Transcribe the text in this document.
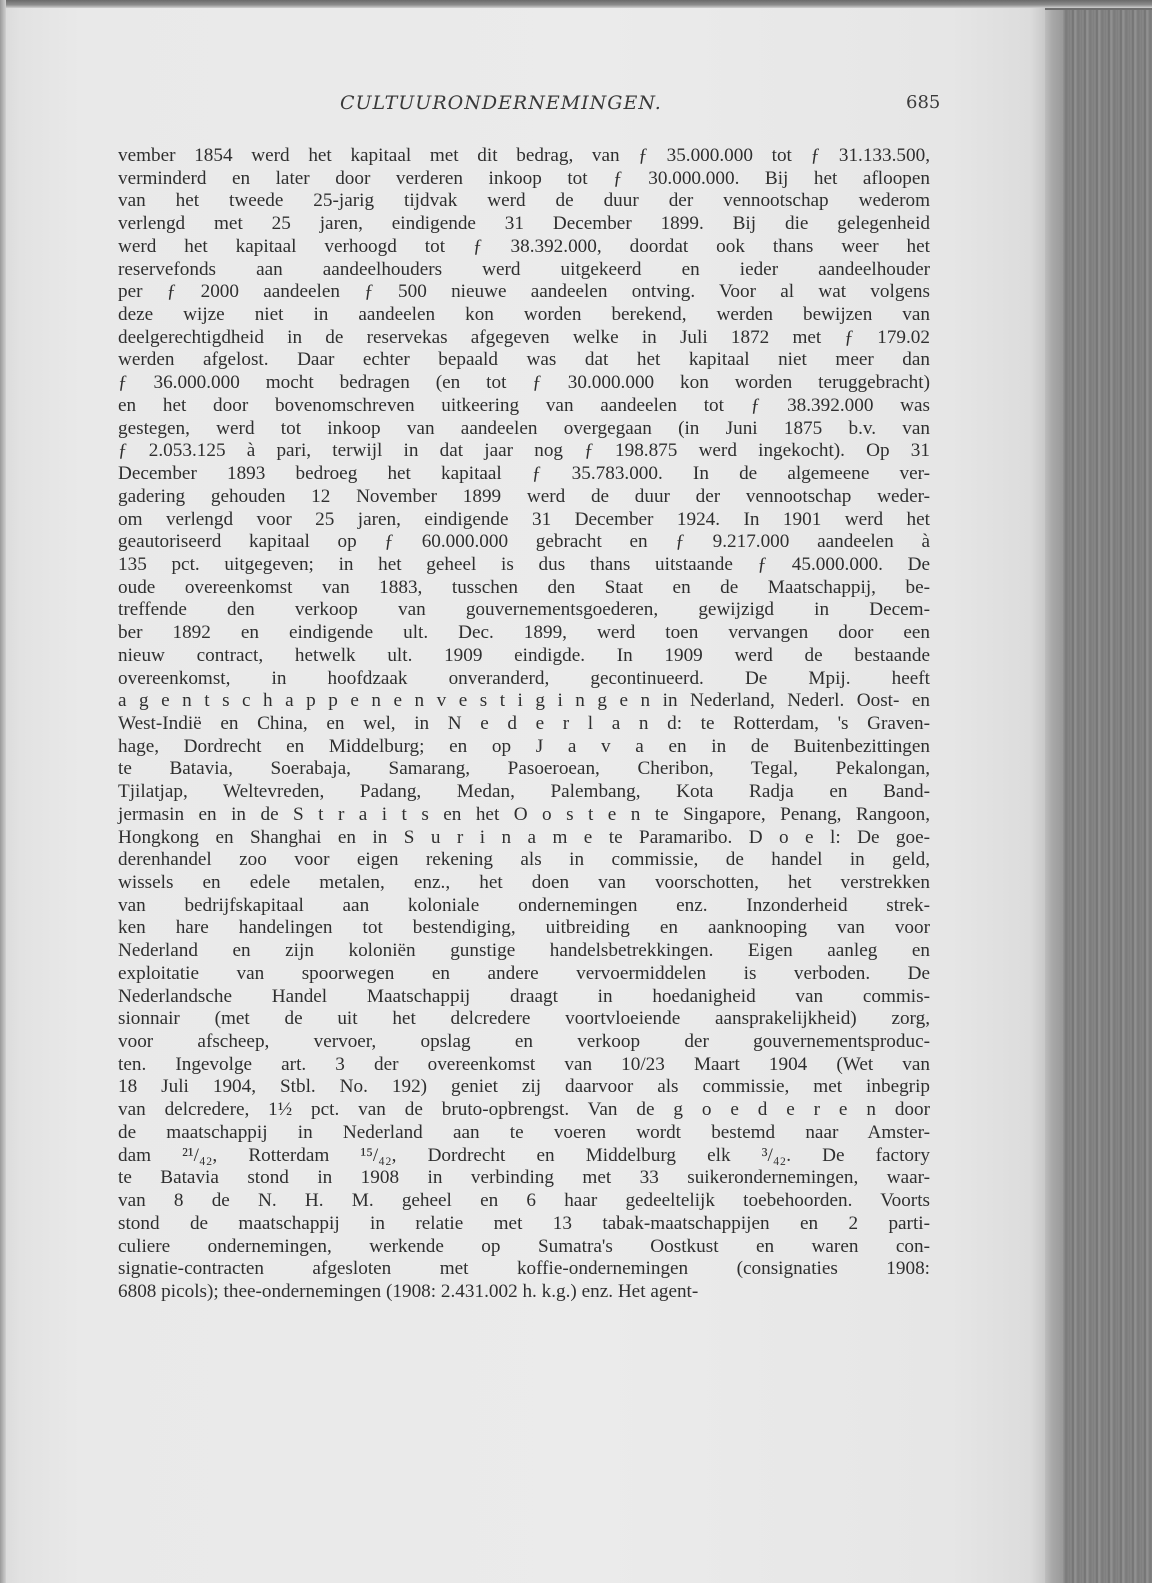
CULTUURONDERNEMINGEN.	685
vember 1854 werd het kapitaal met dit bedrag, van ƒ 35.000.000 tot ƒ 31.133.500,
verminderd en later door verderen inkoop tot ƒ 30.000.000. Bij het afloopen
van het tweede 25-jarig tijdvak werd de duur der vennootschap wederom
verlengd met 25 jaren, eindigende 31 December 1899. Bij die gelegenheid
werd het kapitaal verhoogd tot ƒ 38.392.000, doordat ook thans weer het
reservefonds aan aandeelhouders werd uitgekeerd en ieder aandeelhouder
per ƒ 2000 aandeelen ƒ 500 nieuwe aandeelen ontving. Voor al wat volgens
deze wijze niet in aandeelen kon worden berekend, werden bewijzen van
deelgerechtigdheid in de reservekas afgegeven welke in Juli 1872 met ƒ 179.02
werden afgelost. Daar echter bepaald was dat het kapitaal niet meer dan
ƒ 36.000.000 mocht bedragen (en tot ƒ 30.000.000 kon worden teruggebracht)
en het door bovenomschreven uitkeering van aandeelen tot ƒ 38.392.000 was
gestegen, werd tot inkoop van aandeelen overgegaan (in Juni 1875 b.v. van
ƒ 2.053.125 à pari, terwijl in dat jaar nog ƒ 198.875 werd ingekocht). Op 31
December 1893 bedroeg het kapitaal ƒ 35.783.000. In de algemeene ver-
gadering gehouden 12 November 1899 werd de duur der vennootschap weder-
om verlengd voor 25 jaren, eindigende 31 December 1924. In 1901 werd het
geautoriseerd kapitaal op ƒ 60.000.000 gebracht en ƒ 9.217.000 aandeelen à
135 pct. uitgegeven; in het geheel is dus thans uitstaande ƒ 45.000.000. De
oude overeenkomst van 1883, tusschen den Staat en de Maatschappij, be-
treffende den verkoop van gouvernementsgoederen, gewijzigd in Decem-
ber 1892 en eindigende ult. Dec. 1899, werd toen vervangen door een
nieuw contract, hetwelk ult. 1909 eindigde. In 1909 werd de bestaande
overeenkomst, in hoofdzaak onveranderd, gecontinueerd. De Mpij. heeft
a g e n t s c h a p p e n e n v e s t i g i n g e n in Nederland, Nederl. Oost- en
West-Indië en China, en wel, in N e d e r l a n d: te Rotterdam, 's Graven-
hage, Dordrecht en Middelburg; en op J a v a en in de Buitenbezittingen
te Batavia, Soerabaja, Samarang, Pasoeroean, Cheribon, Tegal, Pekalongan,
Tjilatjap, Weltevreden, Padang, Medan, Palembang, Kota Radja en Band-
jermasin en in de S t r a i t s en het O o s t e n te Singapore, Penang, Rangoon,
Hongkong en Shanghai en in S u r i n a m e te Paramaribo. D o e l: De goe-
derenhandel zoo voor eigen rekening als in commissie, de handel in geld,
wissels en edele metalen, enz., het doen van voorschotten, het verstrekken
van bedrijfskapitaal aan koloniale ondernemingen enz. Inzonderheid strek-
ken hare handelingen tot bestendiging, uitbreiding en aanknooping van voor
Nederland en zijn koloniën gunstige handelsbetrekkingen. Eigen aanleg en
exploitatie van spoorwegen en andere vervoermiddelen is verboden. De
Nederlandsche Handel Maatschappij draagt in hoedanigheid van commis-
sionnair (met de uit het delcredere voortvloeiende aansprakelijkheid) zorg,
voor afscheep, vervoer, opslag en verkoop der gouvernementsproduc-
ten. Ingevolge art. 3 der overeenkomst van 10/23 Maart 1904 (Wet van
18 Juli 1904, Stbl. No. 192) geniet zij daarvoor als commissie, met inbegrip
van delcredere, 1½ pct. van de bruto-opbrengst. Van de g o e d e r e n door
de maatschappij in Nederland aan te voeren wordt bestemd naar Amster-
dam ²¹/₄₂, Rotterdam ¹⁵/₄₂, Dordrecht en Middelburg elk ³/₄₂. De factory
te Batavia stond in 1908 in verbinding met 33 suikerondernemingen, waar-
van 8 de N. H. M. geheel en 6 haar gedeeltelijk toebehoorden. Voorts
stond de maatschappij in relatie met 13 tabak-maatschappijen en 2 parti-
culiere ondernemingen, werkende op Sumatra's Oostkust en waren con-
signatie-contracten afgesloten met koffie-ondernemingen (consignaties 1908:
6808 picols); thee-ondernemingen (1908: 2.431.002 h. k.g.) enz. Het agent-
